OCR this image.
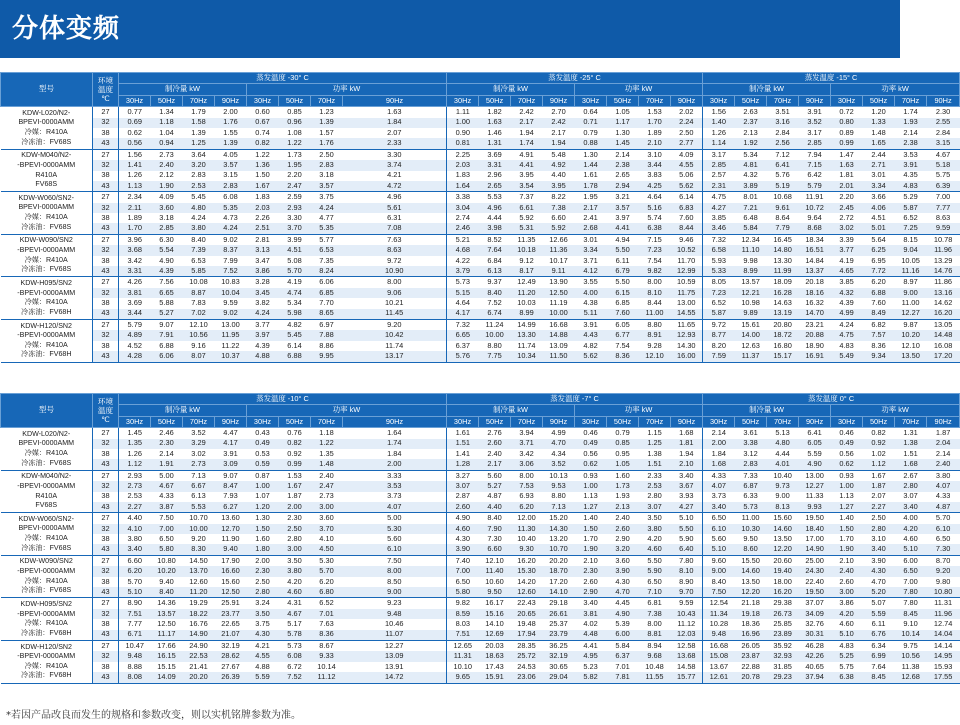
分体变频
型号	环境
温度
℃	蒸发温度 -30° C								蒸发温度 -25° C								蒸发温度 -15° C							
		制冷量 kW				功率 kW				制冷量 kW				功率 kW				制冷量 kW				功率 kW			
		30Hz	50Hz	70Hz	90Hz	30Hz	50Hz	70Hz	90Hz	30Hz	50Hz	70Hz	90Hz	30Hz	50Hz	70Hz	90Hz	30Hz	50Hz	70Hz	90Hz	30Hz	50Hz	70Hz	90Hz

KDW-L020/N2-
BPEVI-0000AMM
冷媒：R410A
冷冻油：FV68S	27	0.77	1.34	1.79	2.00	0.60	0.85	1.23	1.63	1.11	1.82	2.42	2.70	0.64	1.05	1.53	2.02	1.56	2.63	3.51	3.91	0.72	1.20	1.74	2.30
	32	0.69	1.18	1.58	1.76	0.67	0.96	1.39	1.84	1.00	1.63	2.17	2.42	0.71	1.17	1.70	2.24	1.40	2.37	3.16	3.52	0.80	1.33	1.93	2.55
	38	0.62	1.04	1.39	1.55	0.74	1.08	1.57	2.07	0.90	1.46	1.94	2.17	0.79	1.30	1.89	2.50	1.26	2.13	2.84	3.17	0.89	1.48	2.14	2.84
	43	0.56	0.94	1.25	1.39	0.82	1.22	1.76	2.33	0.81	1.31	1.74	1.94	0.88	1.45	2.10	2.77	1.14	1.92	2.56	2.85	0.99	1.65	2.38	3.15

KDW-M040/N2-
-BPEVI-0000AMM
R410A
FV68S	27	1.56	2.73	3.64	4.05	1.22	1.73	2.50	3.30	2.25	3.69	4.91	5.48	1.30	2.14	3.10	4.09	3.17	5.34	7.12	7.94	1.47	2.44	3.53	4.67
	32	1.41	2.40	3.20	3.57	1.36	1.95	2.83	3.74	2.03	3.31	4.41	4.92	1.44	2.38	3.44	4.55	2.85	4.81	6.41	7.15	1.63	2.71	3.91	5.18
	38	1.26	2.12	2.83	3.15	1.50	2.20	3.18	4.21	1.83	2.96	3.95	4.40	1.61	2.65	3.83	5.06	2.57	4.32	5.76	6.42	1.81	3.01	4.35	5.75
	43	1.13	1.90	2.53	2.83	1.67	2.47	3.57	4.72	1.64	2.65	3.54	3.95	1.78	2.94	4.25	5.62	2.31	3.89	5.19	5.79	2.01	3.34	4.83	6.39

KDW-W060/SN2-
BPEVI-0000AMM
冷媒：R410A
冷冻油：FV68S	27	2.34	4.09	5.45	6.08	1.83	2.59	3.75	4.96	3.38	5.53	7.37	8.22	1.95	3.21	4.64	6.14	4.75	8.01	10.68	11.91	2.20	3.66	5.29	7.00
	32	2.11	3.60	4.80	5.35	2.03	2.93	4.24	5.61	3.04	4.96	6.61	7.38	2.17	3.57	5.16	6.83	4.27	7.21	9.61	10.72	2.45	4.06	5.87	7.77
	38	1.89	3.18	4.24	4.73	2.26	3.30	4.77	6.31	2.74	4.44	5.92	6.60	2.41	3.97	5.74	7.60	3.85	6.48	8.64	9.64	2.72	4.51	6.52	8.63
	43	1.70	2.85	3.80	4.24	2.51	3.70	5.35	7.08	2.46	3.98	5.31	5.92	2.68	4.41	6.38	8.44	3.46	5.84	7.79	8.68	3.02	5.01	7.25	9.59

KDW-W090/SN2
-BPEVI-0000AMM
冷媒：R410A
冷冻油：FV68S	27	3.96	6.30	8.40	9.02	2.81	3.99	5.77	7.63	5.21	8.52	11.35	12.66	3.01	4.94	7.15	9.46	7.32	12.34	16.45	18.34	3.39	5.64	8.15	10.78
	32	3.68	5.54	7.39	8.37	3.13	4.51	6.53	8.63	4.68	7.64	10.18	11.36	3.34	5.50	7.23	10.52	6.58	11.10	14.80	16.51	3.77	6.25	9.04	11.96
	38	3.42	4.90	6.53	7.99	3.47	5.08	7.35	9.72	4.22	6.84	9.12	10.17	3.71	6.11	7.54	11.70	5.93	9.98	13.30	14.84	4.19	6.95	10.05	13.29
	43	3.31	4.39	5.85	7.52	3.86	5.70	8.24	10.90	3.79	6.13	8.17	9.11	4.12	6.79	9.82	12.99	5.33	8.99	11.99	13.37	4.65	7.72	11.16	14.76

KDW-H095/SN2
-BPEVI-0000AMM
冷媒：R410A
冷冻油：FV68H	27	4.26	7.56	10.08	10.83	3.28	4.19	6.06	8.00	5.73	9.37	12.49	13.90	3.55	5.50	8.00	10.59	8.05	13.57	18.09	20.18	3.85	6.20	8.97	11.86
	32	3.81	6.65	8.87	10.04	3.45	4.74	6.85	9.06	5.15	8.40	11.20	12.50	4.00	6.15	8.10	11.75	7.23	12.21	16.28	18.16	4.32	6.88	9.00	13.16
	38	3.69	5.88	7.83	9.59	3.82	5.34	7.70	10.21	4.64	7.52	10.03	11.19	4.38	6.85	8.44	13.00	6.52	10.98	14.63	16.32	4.39	7.60	11.00	14.62
	43	3.44	5.27	7.02	9.02	4.24	5.98	8.65	11.45	4.17	6.74	8.99	10.00	5.11	7.60	11.00	14.55	5.87	9.89	13.19	14.70	4.99	8.49	12.27	16.20

KDW-H120/SN2
-BPEVI-0000AMM
冷媒：R410A
冷冻油：FV68H	27	5.79	9.07	12.10	13.00	3.77	4.82	6.97	9.20	7.32	11.24	14.99	16.68	3.91	6.05	8.80	11.65	9.72	15.61	20.80	23.21	4.24	6.82	9.87	13.05
	32	4.89	7.91	10.56	11.95	3.97	5.45	7.88	10.42	6.65	10.00	13.30	14.88	4.43	6.77	8.91	12.93	8.77	14.00	18.72	20.88	4.75	7.57	10.20	14.48
	38	4.52	6.88	9.16	11.22	4.39	6.14	8.86	11.74	6.37	8.80	11.74	13.09	4.82	7.54	9.28	14.30	8.20	12.63	16.80	18.90	4.83	8.36	12.10	16.08
	43	4.28	6.06	8.07	10.37	4.88	6.88	9.95	13.17	5.76	7.75	10.34	11.50	5.62	8.36	12.10	16.00	7.59	11.37	15.17	16.91	5.49	9.34	13.50	17.20
型号	环境
温度
℃	蒸发温度 -10° C								蒸发温度 -7° C								蒸发温度 0° C							
		制冷量 kW				功率 kW				制冷量 kW				功率 kW				制冷量 kW				功率 kW			
		30Hz	50Hz	70Hz	90Hz	30Hz	50Hz	70Hz	90Hz	30Hz	50Hz	70Hz	90Hz	30Hz	50Hz	70Hz	90Hz	30Hz	50Hz	70Hz	90Hz	30Hz	50Hz	70Hz	90Hz

KDW-L020/N2-
BPEVI-0000AMM
冷媒：R410A
冷冻油：FV68S	27	1.45	2.46	3.52	4.47	0.43	0.76	1.18	1.64	1.61	2.76	3.94	4.99	0.46	0.79	1.15	1.68	2.14	3.61	5.13	6.41	0.46	0.82	1.31	1.87
	32	1.35	2.30	3.29	4.17	0.49	0.82	1.22	1.74	1.51	2.60	3.71	4.70	0.49	0.85	1.25	1.81	2.00	3.38	4.80	6.05	0.49	0.92	1.38	2.04
	38	1.26	2.14	3.02	3.91	0.53	0.92	1.35	1.84	1.41	2.40	3.42	4.34	0.56	0.95	1.38	1.94	1.84	3.12	4.44	5.59	0.56	1.02	1.51	2.14
	43	1.12	1.91	2.73	3.09	0.59	0.99	1.48	2.00	1.28	2.17	3.06	3.52	0.62	1.05	1.51	2.10	1.68	2.83	4.01	4.90	0.62	1.12	1.68	2.40

KDW-M040/N2-
-BPEVI-0000AMM
R410A
FV68S	27	2.93	5.00	7.13	9.07	0.87	1.53	2.40	3.33	3.27	5.60	8.00	10.13	0.93	1.60	2.33	3.40	4.33	7.33	10.40	13.00	0.93	1.67	2.67	3.80
	32	2.73	4.67	6.67	8.47	1.00	1.67	2.47	3.53	3.07	5.27	7.53	9.53	1.00	1.73	2.53	3.67	4.07	6.87	9.73	12.27	1.00	1.87	2.80	4.07
	38	2.53	4.33	6.13	7.93	1.07	1.87	2.73	3.73	2.87	4.87	6.93	8.80	1.13	1.93	2.80	3.93	3.73	6.33	9.00	11.33	1.13	2.07	3.07	4.33
	43	2.27	3.87	5.53	6.27	1.20	2.00	3.00	4.07	2.60	4.40	6.20	7.13	1.27	2.13	3.07	4.27	3.40	5.73	8.13	9.93	1.27	2.27	3.40	4.87

KDW-W060/SN2-
BPEVI-0000AMM
冷媒：R410A
冷冻油：FV68S	27	4.40	7.50	10.70	13.60	1.30	2.30	3.60	5.00	4.90	8.40	12.00	15.20	1.40	2.40	3.50	5.10	6.50	11.00	15.60	19.50	1.40	2.50	4.00	5.70
	32	4.10	7.00	10.00	12.70	1.50	2.50	3.70	5.30	4.60	7.90	11.30	14.30	1.50	2.60	3.80	5.50	6.10	10.30	14.60	18.40	1.50	2.80	4.20	6.10
	38	3.80	6.50	9.20	11.90	1.60	2.80	4.10	5.60	4.30	7.30	10.40	13.20	1.70	2.90	4.20	5.90	5.60	9.50	13.50	17.00	1.70	3.10	4.60	6.50
	43	3.40	5.80	8.30	9.40	1.80	3.00	4.50	6.10	3.90	6.60	9.30	10.70	1.90	3.20	4.60	6.40	5.10	8.60	12.20	14.90	1.90	3.40	5.10	7.30

KDW-W090/SN2
-BPEVI-0000AMM
冷媒：R410A
冷冻油：FV68S	27	6.60	10.80	14.50	17.90	2.00	3.50	5.30	7.50	7.40	12.10	16.20	20.20	2.10	3.60	5.50	7.80	9.60	15.50	20.60	25.00	2.10	3.90	6.00	8.70
	32	6.20	10.20	13.70	16.60	2.30	3.80	5.70	8.00	7.00	11.40	15.30	18.70	2.30	3.90	5.90	8.10	9.00	14.60	19.40	24.30	2.40	4.30	6.50	9.20
	38	5.70	9.40	12.60	15.60	2.50	4.20	6.20	8.50	6.50	10.60	14.20	17.20	2.60	4.30	6.50	8.90	8.40	13.50	18.00	22.40	2.60	4.70	7.00	9.80
	43	5.10	8.40	11.20	12.50	2.80	4.60	6.80	9.00	5.80	9.50	12.60	14.10	2.90	4.70	7.10	9.70	7.50	12.20	16.20	19.50	3.00	5.20	7.80	10.80

KDW-H095/SN2
-BPEVI-0000AMM
冷媒：R410A
冷冻油：FV68H	27	8.90	14.36	19.29	25.91	3.24	4.31	6.52	9.23	9.82	16.17	22.43	29.18	3.40	4.45	6.81	9.59	12.54	21.18	29.38	37.07	3.86	5.07	7.80	11.31
	32	7.51	13.57	18.22	23.77	3.50	4.67	7.01	9.48	8.59	15.16	20.65	26.61	3.81	4.90	7.38	10.43	11.34	19.18	26.73	34.09	4.20	5.59	8.45	11.96
	38	7.77	12.50	16.76	22.65	3.75	5.17	7.63	10.46	8.03	14.10	19.48	25.37	4.02	5.39	8.00	11.12	10.28	18.36	25.85	32.76	4.60	6.11	9.10	12.74
	43	6.71	11.17	14.90	21.07	4.30	5.78	8.36	11.07	7.51	12.69	17.94	23.79	4.48	6.00	8.81	12.03	9.48	16.96	23.89	30.31	5.10	6.76	10.14	14.04

KDW-H120/SN2
-BPEVI-0000AMM
冷媒：R410A
冷冻油：FV68H	27	10.47	17.66	24.90	32.19	4.21	5.73	8.67	12.27	12.65	20.03	28.35	36.25	4.41	5.84	8.94	12.58	16.68	26.05	35.92	46.28	4.83	6.34	9.75	14.14
	32	9.48	16.15	22.53	28.62	4.55	6.08	9.33	13.09	11.31	18.63	25.72	32.19	4.95	6.37	9.68	13.68	15.08	23.87	32.93	42.26	5.25	6.99	10.56	14.95
	38	8.88	15.15	21.41	27.67	4.88	6.72	10.14	13.91	10.10	17.43	24.53	30.65	5.23	7.01	10.48	14.58	13.67	22.88	31.85	40.65	5.75	7.64	11.38	15.93
	43	8.08	14.09	20.20	26.39	5.59	7.52	11.12	14.72	9.65	15.91	23.06	29.04	5.82	7.81	11.55	15.77	12.61	20.78	29.23	37.94	6.38	8.45	12.68	17.55
*若因产品改良而发生的规格和参数改变，则以实机铭牌参数为准。
